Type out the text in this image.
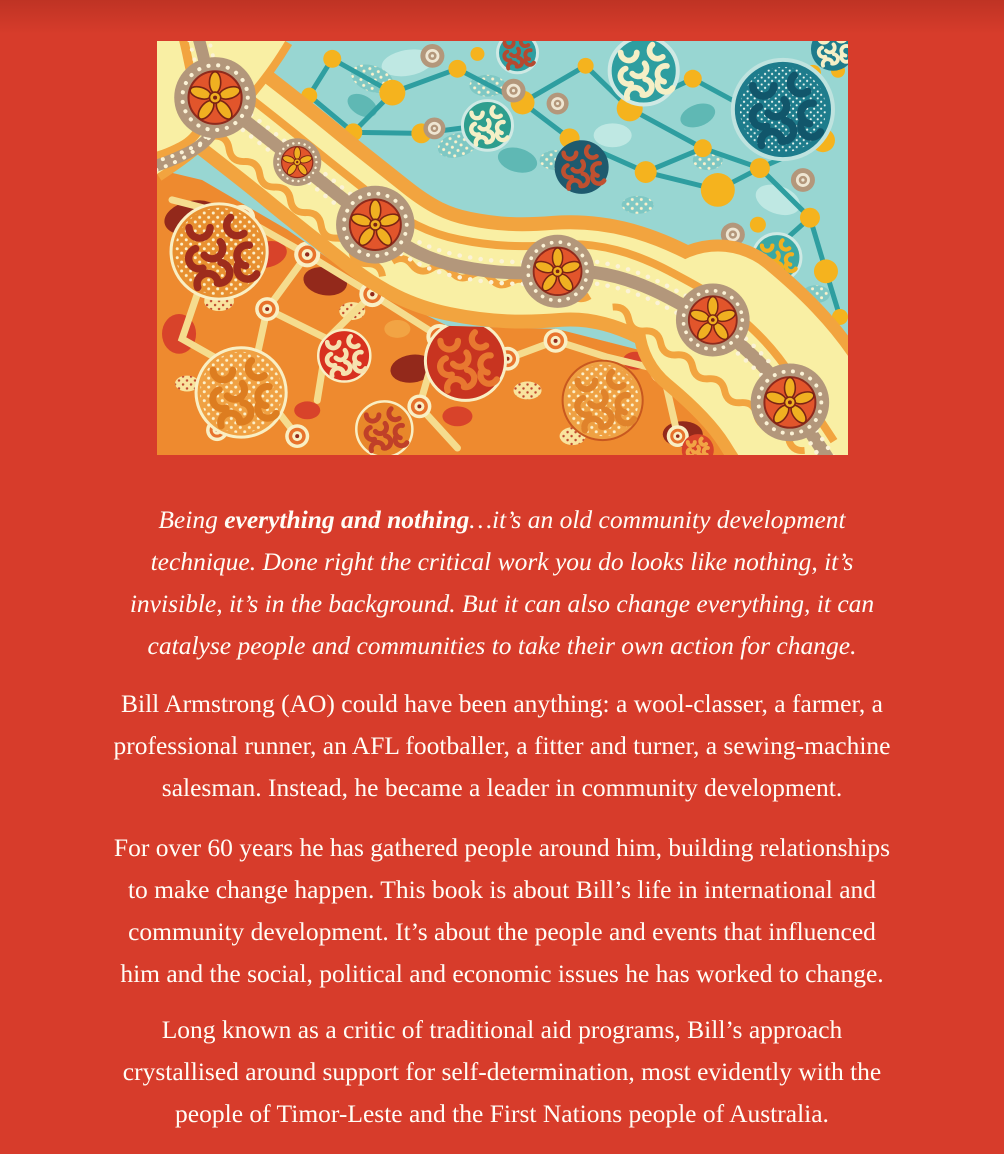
Being everything and nothing…it’s an old community development
technique. Done right the critical work you do looks like nothing, it’s
invisible, it’s in the background. But it can also change everything, it can
catalyse people and communities to take their own action for change.
Bill Armstrong (AO) could have been anything: a wool-classer, a farmer, a
professional runner, an AFL footballer, a fitter and turner, a sewing-machine
salesman. Instead, he became a leader in community development.
For over 60 years he has gathered people around him, building relationships
to make change happen. This book is about Bill’s life in international and
community development. It’s about the people and events that influenced
him and the social, political and economic issues he has worked to change.
Long known as a critic of traditional aid programs, Bill’s approach
crystallised around support for self-determination, most evidently with the
people of Timor-Leste and the First Nations people of Australia.
